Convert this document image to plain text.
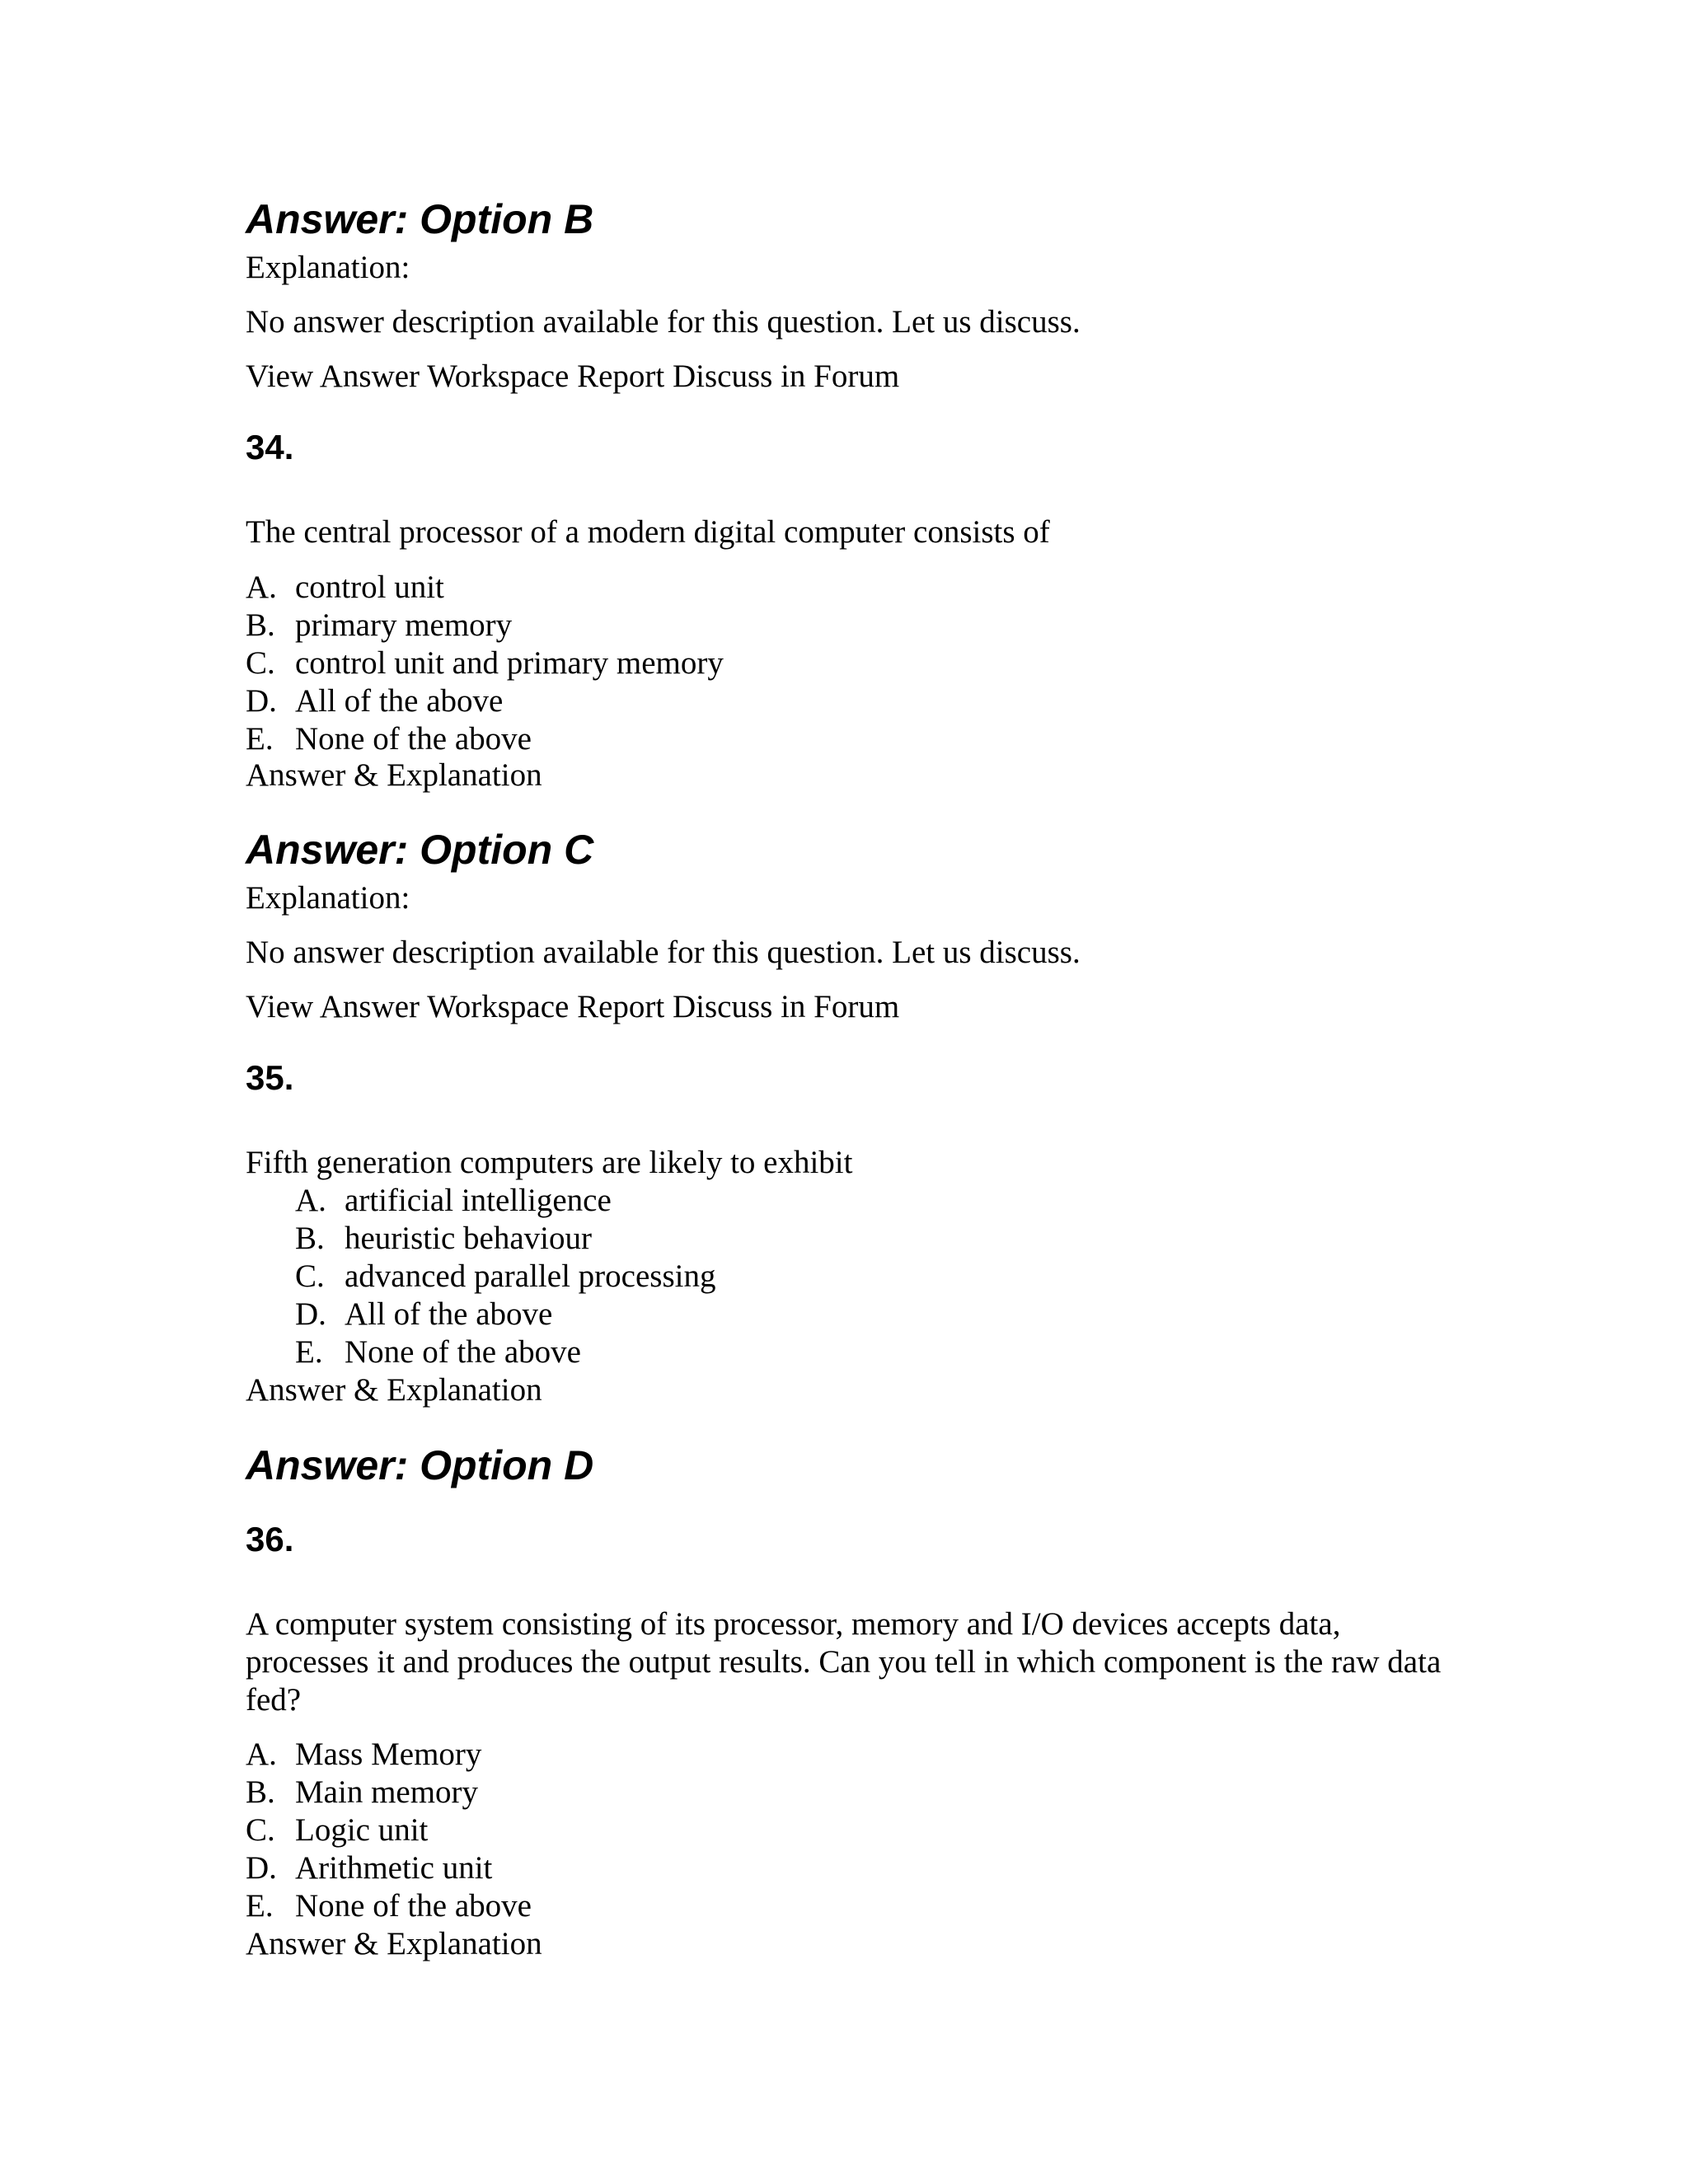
Answer: Option B
Explanation:
No answer description available for this question. Let us discuss.
View Answer Workspace Report Discuss in Forum
34.
The central processor of a modern digital computer consists of
A. control unit
B. primary memory
C. control unit and primary memory
D. All of the above
E. None of the above
Answer & Explanation
Answer: Option C
Explanation:
No answer description available for this question. Let us discuss.
View Answer Workspace Report Discuss in Forum
35.
Fifth generation computers are likely to exhibit
A. artificial intelligence
B. heuristic behaviour
C. advanced parallel processing
D. All of the above
E. None of the above
Answer & Explanation
Answer: Option D
36.
A computer system consisting of its processor, memory and I/O devices accepts data, processes it and produces the output results. Can you tell in which component is the raw data fed?
A. Mass Memory
B. Main memory
C. Logic unit
D. Arithmetic unit
E. None of the above
Answer & Explanation
